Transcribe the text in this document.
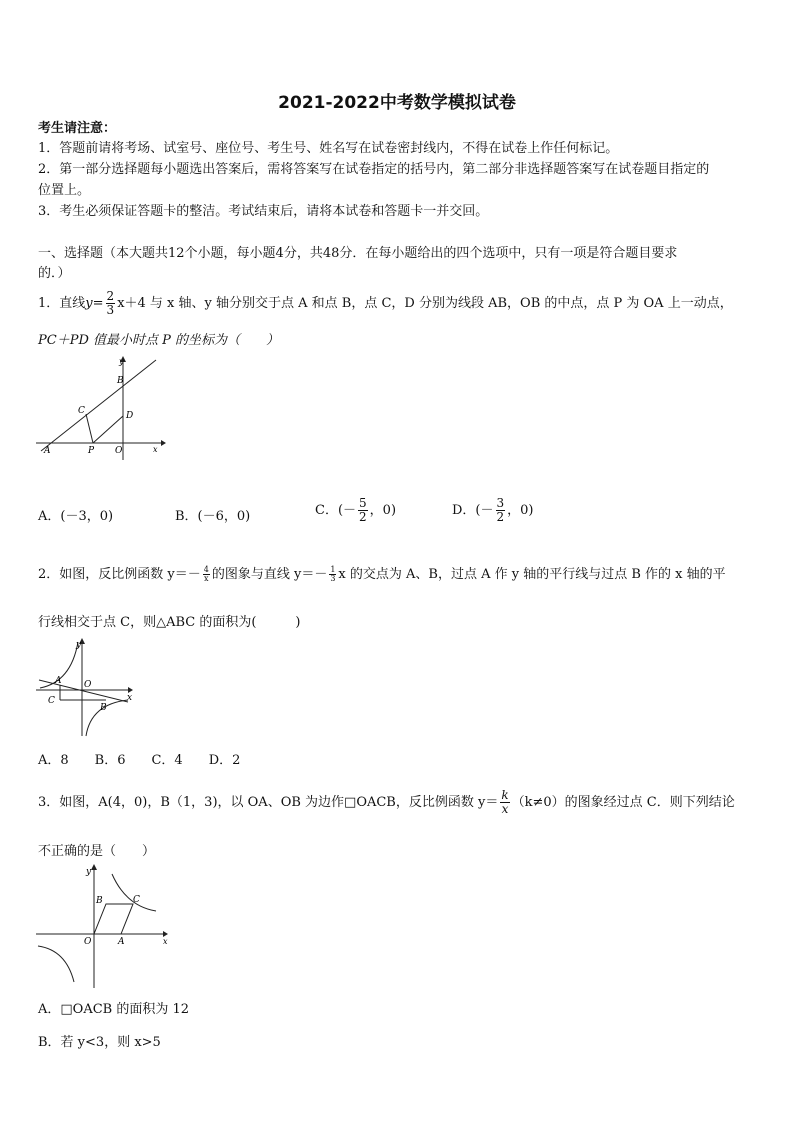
2021-2022中考数学模拟试卷
考生请注意：
1．答题前请将考场、试室号、座位号、考生号、姓名写在试卷密封线内，不得在试卷上作任何标记。
2．第一部分选择题每小题选出答案后，需将答案写在试卷指定的括号内，第二部分非选择题答案写在试卷题目指定的
位置上。
3．考生必须保证答题卡的整洁。考试结束后，请将本试卷和答题卡一并交回。
一、选择题（本大题共12个小题，每小题4分，共48分．在每小题给出的四个选项中，只有一项是符合题目要求
的．）
1．直线$y= \frac{2}{3} x+4$ 与 x 轴、y 轴分别交于点 A 和点 B，点 C，D 分别为线段 AB，OB 的中点，点 P 为 OA 上一动点，
PC＋PD 值最小时点 P 的坐标为（　　）
y
B
C	D
A	P O	x
A．(－3，0)	B．(－6，0)	C．(－ $\frac{5}{2}$ ，0)	D．(－ $\frac{3}{2}$ ，0)
2．如图，反比例函数 $y=- \frac{4}{x}$ 的图象与直线 $y=- \frac{1}{3}$ x 的交点为 A、B，过点 A 作 y 轴的平行线与过点 B 作的 x 轴的平
行线相交于点 C，则△ABC 的面积为(　　　)
y
A	O
x
C
B
A．8　　B．6　　C．4　　D．2
3．如图，A(4，0)，B（1，3)，以 OA、OB 为边作□OACB，反比例函数 $y= \frac{k}{x} (k\ne 0)$的图象经过点 C．则下列结论
不正确的是（　　）
y
B	C
O	A	x
A．□OACB 的面积为 12
B．若 y<3，则 x>5
